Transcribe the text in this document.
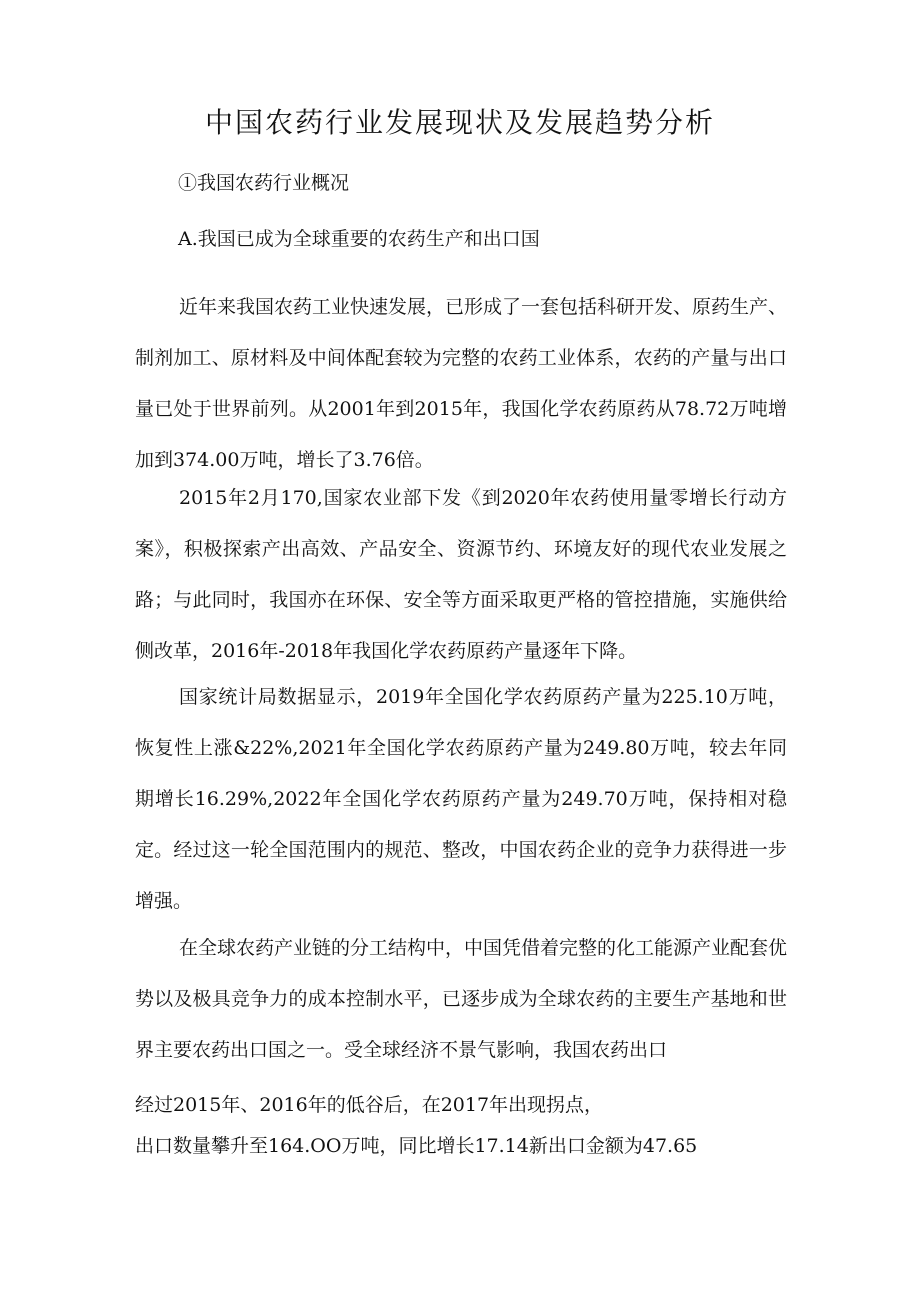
中国农药行业发展现状及发展趋势分析
①我国农药行业概况
A.我国已成为全球重要的农药生产和出口国

近年来我国农药工业快速发展，已形成了一套包括科研开发、原药生产、制剂加工、原材料及中间体配套较为完整的农药工业体系，农药的产量与出口量已处于世界前列。从2001年到2015年，我国化学农药原药从78.72万吨增加到374.00万吨，增长了3.76倍。

2015年2月170,国家农业部下发《到2020年农药使用量零增长行动方案》，积极探索产出高效、产品安全、资源节约、环境友好的现代农业发展之路；与此同时，我国亦在环保、安全等方面采取更严格的管控措施，实施供给侧改革，2016年-2018年我国化学农药原药产量逐年下降。

国家统计局数据显示，2019年全国化学农药原药产量为225.10万吨，恢复性上涨&22%,2021年全国化学农药原药产量为249.80万吨，较去年同期增长16.29%,2022年全国化学农药原药产量为249.70万吨，保持相对稳定。经过这一轮全国范围内的规范、整改，中国农药企业的竞争力获得进一步增强。

在全球农药产业链的分工结构中，中国凭借着完整的化工能源产业配套优势以及极具竞争力的成本控制水平，已逐步成为全球农药的主要生产基地和世界主要农药出口国之一。受全球经济不景气影响，我国农药出口

经过2015年、2016年的低谷后，在2017年出现拐点，

出口数量攀升至164.OO万吨，同比增长17.14新出口金额为47.65
